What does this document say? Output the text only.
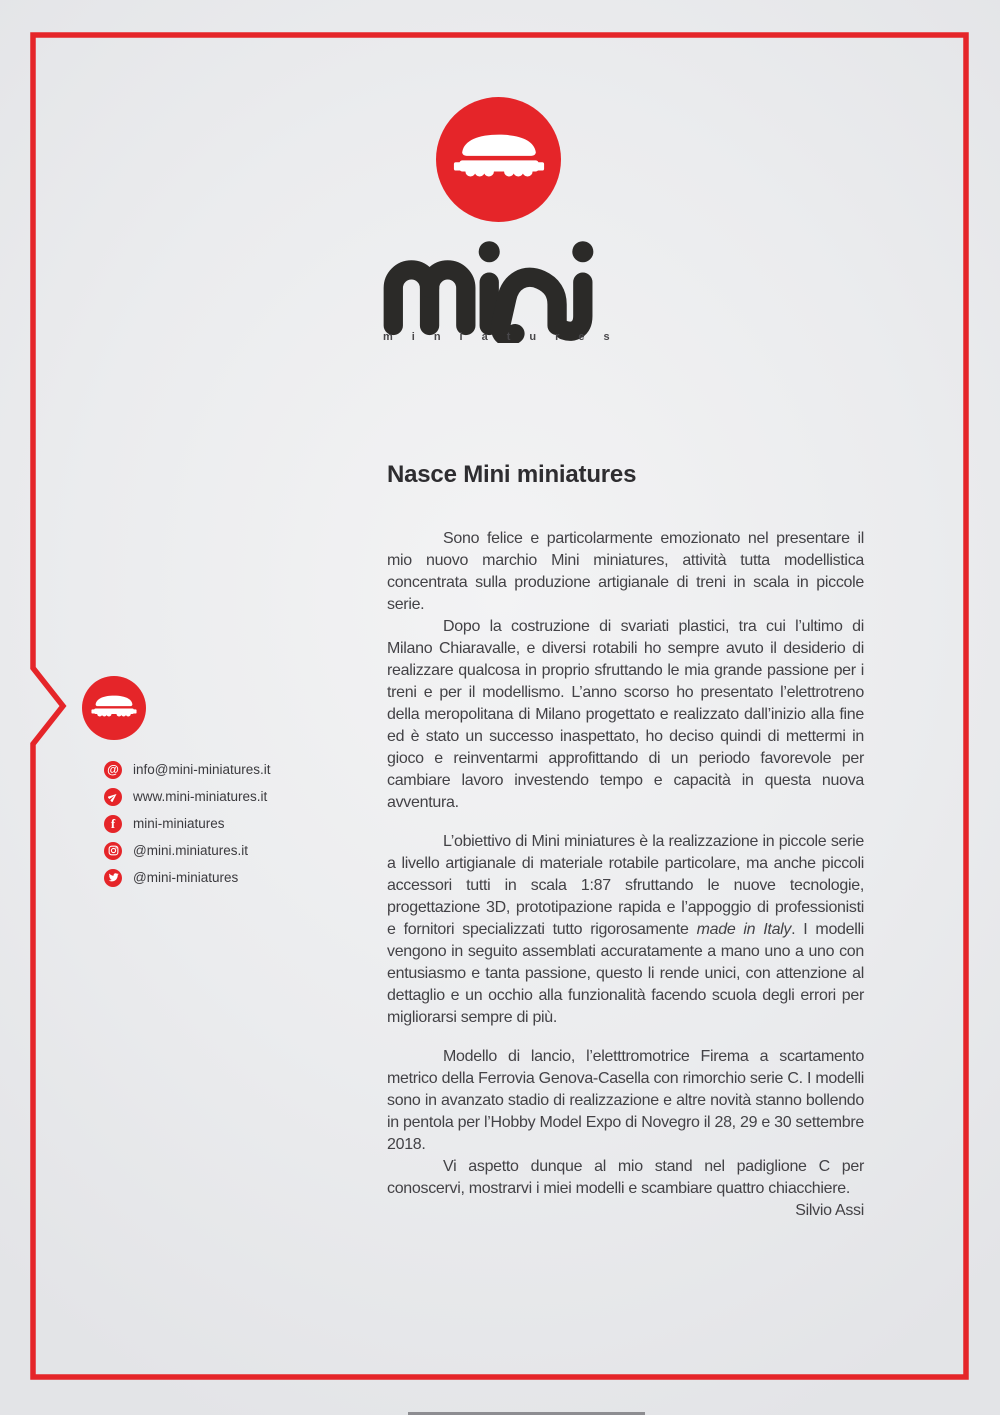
miniatures
Nasce Mini miniatures

Sono felice e particolarmente emozionato nel presentare il mio nuovo marchio Mini miniatures, attività tutta modellistica concentrata sulla produzione artigianale di treni in scala in piccole serie.

Dopo la costruzione di svariati plastici, tra cui l’ultimo di Milano Chiaravalle, e diversi rotabili ho sempre avuto il desiderio di realizzare qualcosa in proprio sfruttando le mia grande passione per i treni e per il modellismo. L’anno scorso ho presentato l’elettrotreno della meropolitana di Milano progettato e realizzato dall’inizio alla fine ed è stato un successo inaspettato, ho deciso quindi di mettermi in gioco e reinventarmi approfittando di un periodo favorevole per cambiare lavoro investendo tempo e capacità in questa nuova avventura.

L’obiettivo di Mini miniatures è la realizzazione in piccole serie a livello artigianale di materiale rotabile particolare, ma anche piccoli accessori tutti in scala 1:87 sfruttando le nuove tecnologie, progettazione 3D, prototipazione rapida e l’appoggio di professionisti e fornitori specializzati tutto rigorosamente made in Italy. I modelli vengono in seguito assemblati accuratamente a mano uno a uno con entusiasmo e tanta passione, questo li rende unici, con attenzione al dettaglio e un occhio alla funzionalità facendo scuola degli errori per migliorarsi sempre di più.

Modello di lancio, l’eletttromotrice Firema a scartamento metrico della Ferrovia Genova-Casella con rimorchio serie C. I modelli sono in avanzato stadio di realizzazione e altre novità stanno bollendo in pentola per l’Hobby Model Expo di Novegro il 28, 29 e 30 settembre 2018.

Vi aspetto dunque al mio stand nel padiglione C per conoscervi, mostrarvi i miei modelli e scambiare quattro chiacchiere.

Silvio Assi

@ info@mini-miniatures.it
www.mini-miniatures.it
f mini-miniatures
@mini.miniatures.it
@mini-miniatures
